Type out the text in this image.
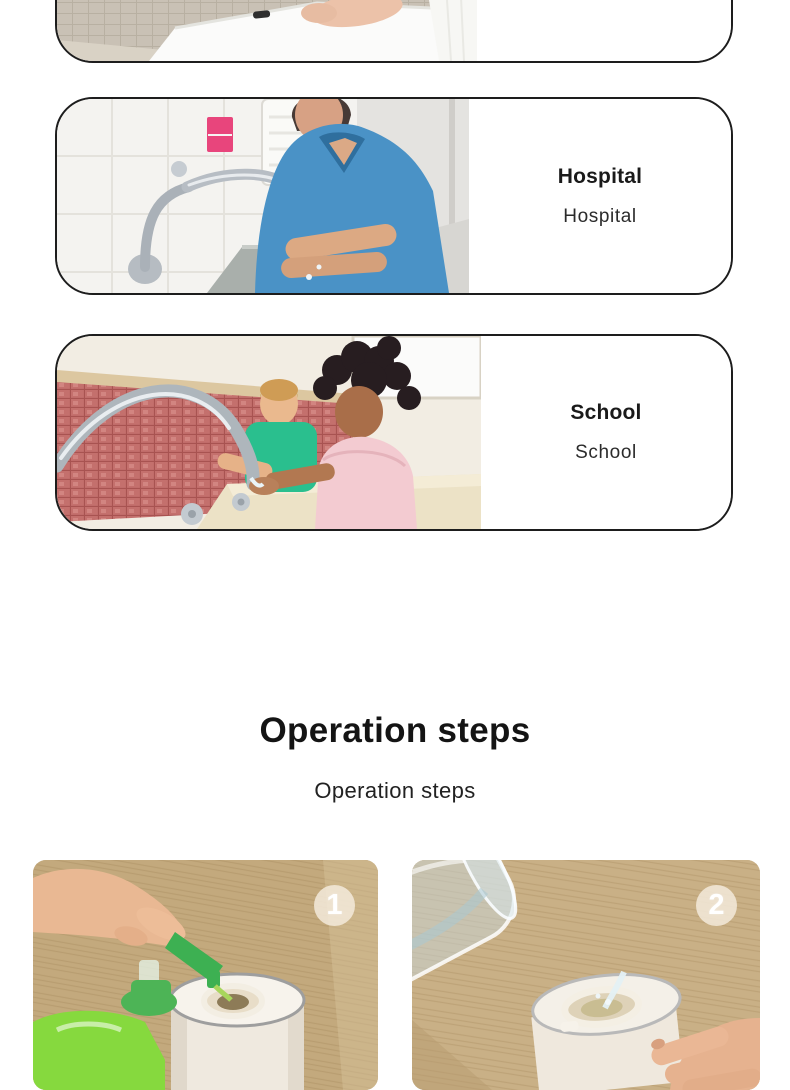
Hospital
Hospital
School
School
Operation steps

Operation steps

1	2
